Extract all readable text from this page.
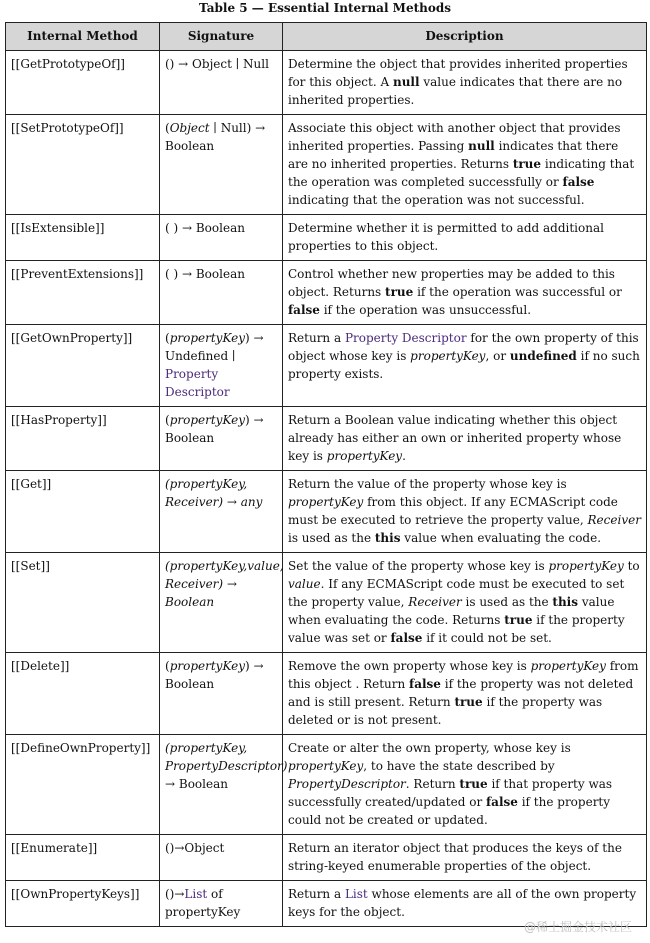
Table 5 — Essential Internal Methods
Internal Method	Signature	Description
[[GetPrototypeOf]]	() → Object ∣ Null	Determine the object that provides inherited properties for this object. A null value indicates that there are no inherited properties.
[[SetPrototypeOf]]	(Object ∣ Null) → Boolean	Associate this object with another object that provides inherited properties. Passing null indicates that there are no inherited properties. Returns true indicating that the operation was completed successfully or false indicating that the operation was not successful.
[[IsExtensible]]	( ) → Boolean	Determine whether it is permitted to add additional properties to this object.
[[PreventExtensions]]	( ) → Boolean	Control whether new properties may be added to this object. Returns true if the operation was successful or false if the operation was unsuccessful.
[[GetOwnProperty]]	(propertyKey) → Undefined ∣ Property Descriptor	Return a Property Descriptor for the own property of this object whose key is propertyKey, or undefined if no such property exists.
[[HasProperty]]	(propertyKey) → Boolean	Return a Boolean value indicating whether this object already has either an own or inherited property whose key is propertyKey.
[[Get]]	(propertyKey, Receiver) → any	Return the value of the property whose key is propertyKey from this object. If any ECMAScript code must be executed to retrieve the property value, Receiver is used as the this value when evaluating the code.
[[Set]]	(propertyKey,value, Receiver) → Boolean	Set the value of the property whose key is propertyKey to value. If any ECMAScript code must be executed to set the property value, Receiver is used as the this value when evaluating the code. Returns true if the property value was set or false if it could not be set.
[[Delete]]	(propertyKey) → Boolean	Remove the own property whose key is propertyKey from this object . Return false if the property was not deleted and is still present. Return true if the property was deleted or is not present.
[[DefineOwnProperty]]	(propertyKey, PropertyDescriptor) → Boolean	Create or alter the own property, whose key is propertyKey, to have the state described by PropertyDescriptor. Return true if that property was successfully created/updated or false if the property could not be created or updated.
[[Enumerate]]	()→Object	Return an iterator object that produces the keys of the string-keyed enumerable properties of the object.
[[OwnPropertyKeys]]	()→List of propertyKey	Return a List whose elements are all of the own property keys for the object.
@稀土掘金技术社区
